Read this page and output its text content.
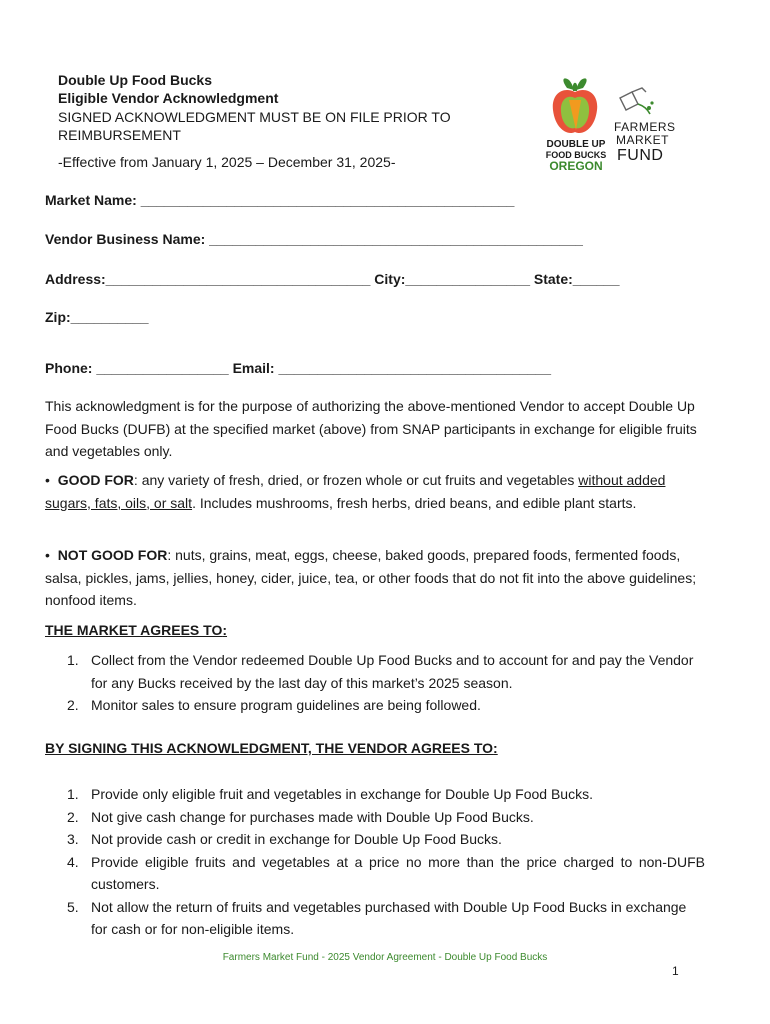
Double Up Food Bucks
Eligible Vendor Acknowledgment
SIGNED ACKNOWLEDGMENT MUST BE ON FILE PRIOR TO
REIMBURSEMENT
-Effective from January 1, 2025 – December 31, 2025-
DOUBLE UP
FOOD BUCKS
OREGON
FARMERS
MARKET
FUND
Market Name: ________________________________________________
Vendor Business Name: ________________________________________________
Address:__________________________________ City:________________ State:______
Zip:__________
Phone: _________________ Email: ___________________________________
This acknowledgment is for the purpose of authorizing the above-mentioned Vendor to accept Double Up Food Bucks (DUFB) at the specified market (above) from SNAP participants in exchange for eligible fruits and vegetables only.
• GOOD FOR: any variety of fresh, dried, or frozen whole or cut fruits and vegetables without added sugars, fats, oils, or salt. Includes mushrooms, fresh herbs, dried beans, and edible plant starts.
• NOT GOOD FOR: nuts, grains, meat, eggs, cheese, baked goods, prepared foods, fermented foods, salsa, pickles, jams, jellies, honey, cider, juice, tea, or other foods that do not fit into the above guidelines; nonfood items.
THE MARKET AGREES TO:
1. Collect from the Vendor redeemed Double Up Food Bucks and to account for and pay the Vendor for any Bucks received by the last day of this market’s 2025 season.
2. Monitor sales to ensure program guidelines are being followed.
BY SIGNING THIS ACKNOWLEDGMENT, THE VENDOR AGREES TO:
1. Provide only eligible fruit and vegetables in exchange for Double Up Food Bucks.
2. Not give cash change for purchases made with Double Up Food Bucks.
3. Not provide cash or credit in exchange for Double Up Food Bucks.
4. Provide eligible fruits and vegetables at a price no more than the price charged to non-DUFB customers.
5. Not allow the return of fruits and vegetables purchased with Double Up Food Bucks in exchange for cash or for non-eligible items.
Farmers Market Fund - 2025 Vendor Agreement - Double Up Food Bucks
1
